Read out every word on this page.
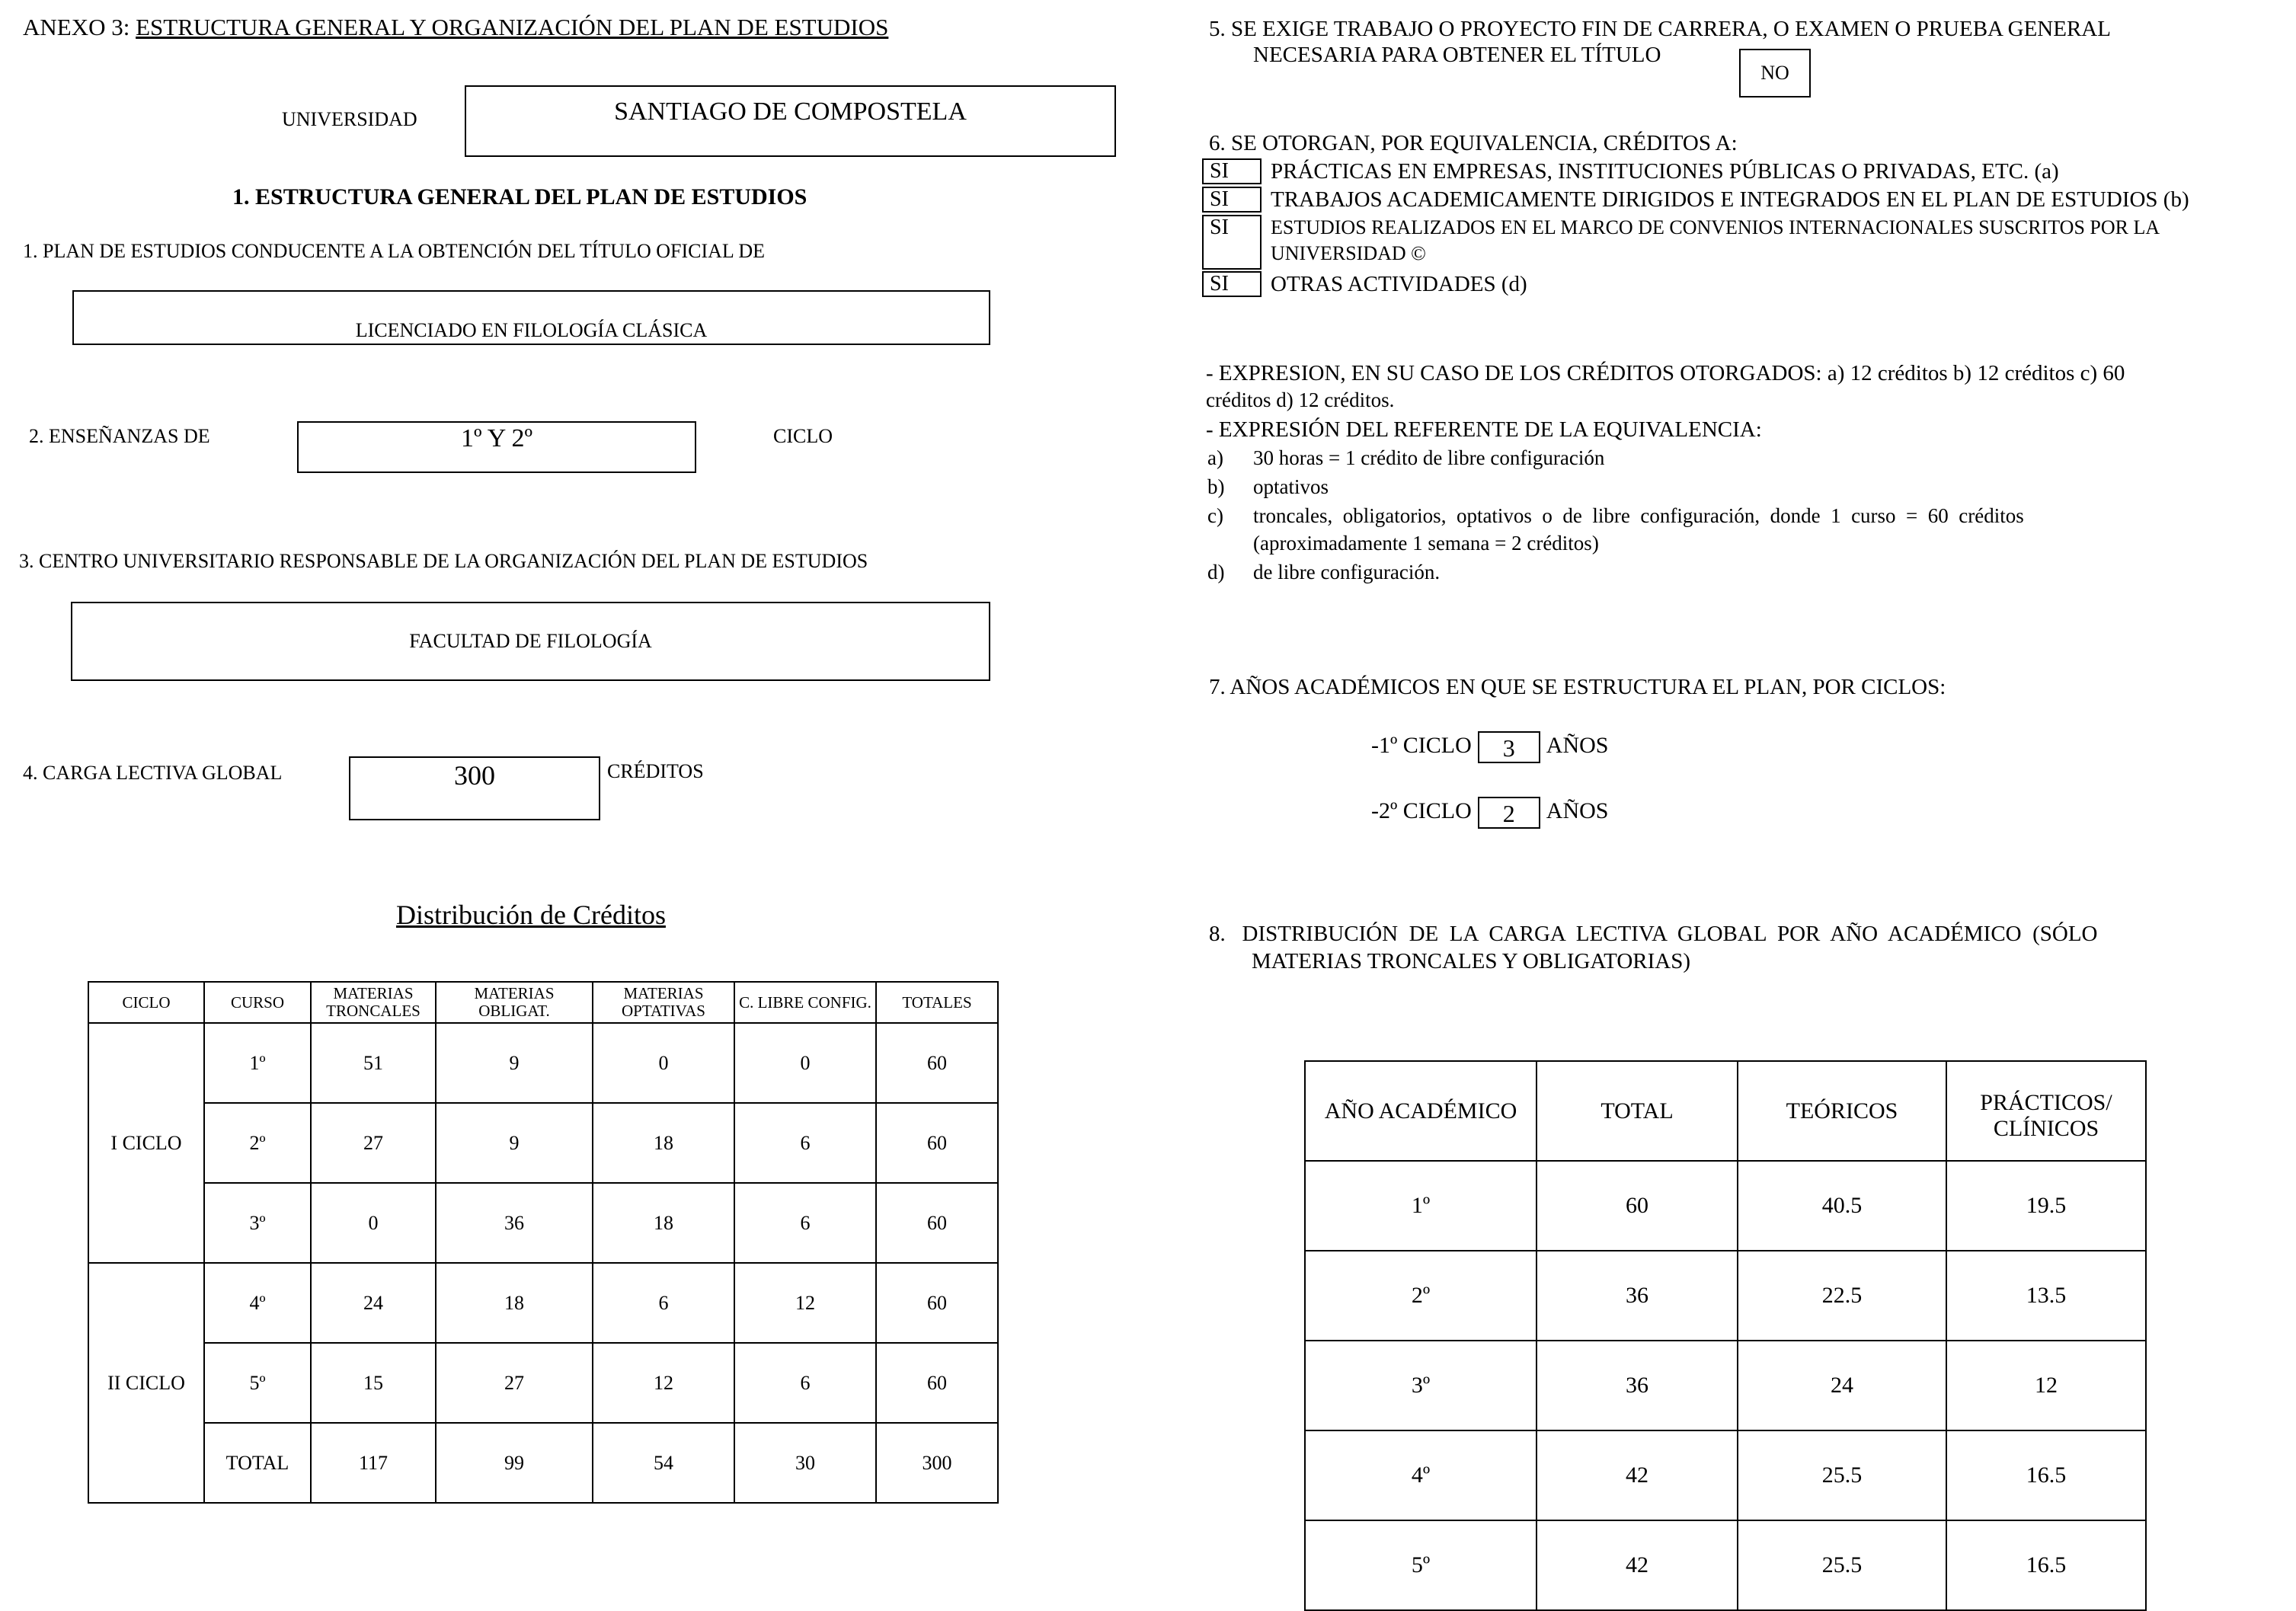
ANEXO 3: ESTRUCTURA GENERAL Y ORGANIZACIÓN DEL PLAN DE ESTUDIOS
UNIVERSIDAD	SANTIAGO DE COMPOSTELA
1. ESTRUCTURA GENERAL DEL PLAN DE ESTUDIOS
1. PLAN DE ESTUDIOS CONDUCENTE A LA OBTENCIÓN DEL TÍTULO OFICIAL DE
LICENCIADO EN FILOLOGÍA CLÁSICA
2. ENSEÑANZAS DE	1º Y 2º	CICLO
3. CENTRO UNIVERSITARIO RESPONSABLE DE LA ORGANIZACIÓN DEL PLAN DE ESTUDIOS
FACULTAD DE FILOLOGÍA
4. CARGA LECTIVA GLOBAL	300	CRÉDITOS
Distribución de Créditos
CICLO	CURSO	MATERIAS TRONCALES	MATERIAS OBLIGAT.	MATERIAS OPTATIVAS	C. LIBRE CONFIG.	TOTALES
I CICLO	1º	51	9	0	0	60
	2º	27	9	18	6	60
	3º	0	36	18	6	60
II CICLO	4º	24	18	6	12	60
	5º	15	27	12	6	60
	TOTAL	117	99	54	30	300
5. SE EXIGE TRABAJO O PROYECTO FIN DE CARRERA, O EXAMEN O PRUEBA GENERAL
NECESARIA PARA OBTENER EL TÍTULO
NO
6. SE OTORGAN, POR EQUIVALENCIA, CRÉDITOS A:
SI	PRÁCTICAS EN EMPRESAS, INSTITUCIONES PÚBLICAS O PRIVADAS, ETC. (a)
SI	TRABAJOS ACADEMICAMENTE DIRIGIDOS E INTEGRADOS EN EL PLAN DE ESTUDIOS (b)
SI	ESTUDIOS REALIZADOS EN EL MARCO DE CONVENIOS INTERNACIONALES SUSCRITOS POR LA
UNIVERSIDAD ©
SI	OTRAS ACTIVIDADES (d)
- EXPRESION, EN SU CASO DE LOS CRÉDITOS OTORGADOS: a) 12 créditos b) 12 créditos c) 60
créditos d) 12 créditos.
- EXPRESIÓN DEL REFERENTE DE LA EQUIVALENCIA:
a) 30 horas = 1 crédito de libre configuración
b) optativos
c) troncales,  obligatorios,  optativos  o  de  libre  configuración,  donde  1  curso  =  60  créditos
(aproximadamente 1 semana = 2 créditos)
d) de libre configuración.
7. AÑOS ACADÉMICOS EN QUE SE ESTRUCTURA EL PLAN, POR CICLOS:
-1º CICLO 3 AÑOS
-2º CICLO 2 AÑOS
8.   DISTRIBUCIÓN  DE  LA  CARGA  LECTIVA  GLOBAL  POR  AÑO  ACADÉMICO  (SÓLO
MATERIAS TRONCALES Y OBLIGATORIAS)
AÑO ACADÉMICO	TOTAL	TEÓRICOS	PRÁCTICOS/ CLÍNICOS
1º	60	40.5	19.5
2º	36	22.5	13.5
3º	36	24	12
4º	42	25.5	16.5
5º	42	25.5	16.5
